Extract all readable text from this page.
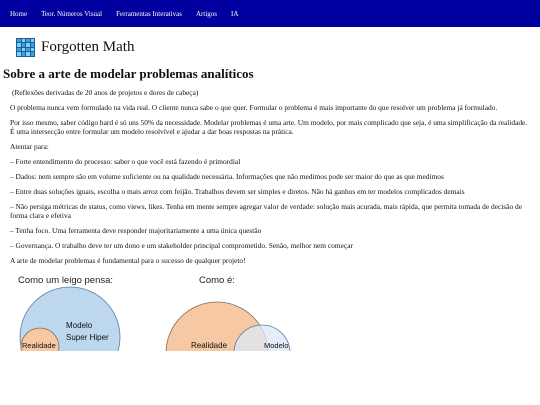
Home Teor. Números Visual Ferramentas Interativas Artigos IA
Forgotten Math
Sobre a arte de modelar problemas analíticos

(Reflexões derivadas de 20 anos de projetos e dores de cabeça)

O problema nunca vem formulado na vida real. O cliente nunca sabe o que quer. Formular o problema é mais importante do que resolver um problema já formulado.

Por isso mesmo, saber código hard é só uns 50% da necessidade. Modelar problemas é uma arte. Um modelo, por mais complicado que seja, é uma simplificação da realidade. É uma intersecção entre formular um modelo resolvível e ajudar a dar boas respostas na prática.

Atentar para:

– Forte entendimento do processo: saber o que você está fazendo é primordial

– Dados: nem sempre são em volume suficiente ou na qualidade necessária. Informações que não medimos pode ser maior do que as que medimos

– Entre duas soluções iguais, escolha o mais arroz com feijão. Trabalhos devem ser simples e diretos. Não há ganhos em ter modelos complicados demais

– Não persiga métricas de status, como views, likes. Tenha em mente sempre agregar valor de verdade: solução mais acurada, mais rápida, que permita tomada de decisão de forma clara e efetiva

– Tenha foco. Uma ferramenta deve responder majoritariamente a uma única questão

– Governança. O trabalho deve ter um dono e um stakeholder principal comprometido. Senão, melhor nem começar

A arte de modelar problemas é fundamental para o sucesso de qualquer projeto!

Como um leigo pensa:	Como é:
Modelo
Super Hiper
Realidade	Realidade	Modelo
